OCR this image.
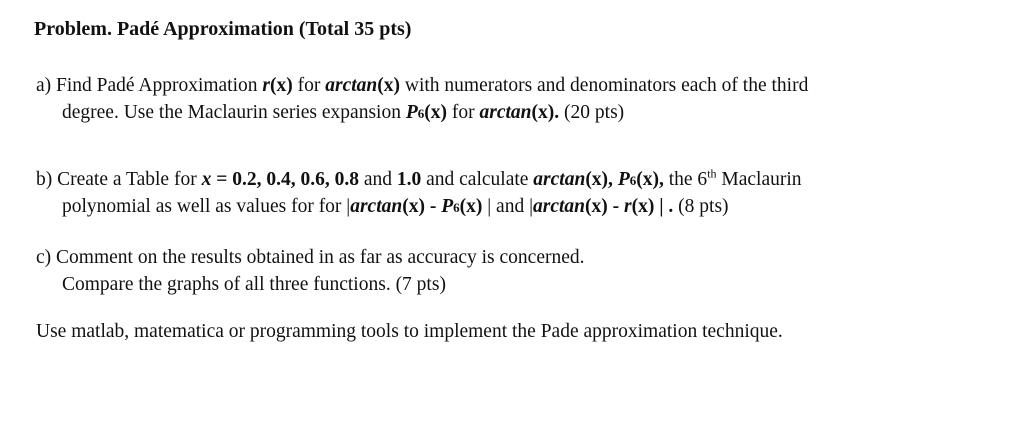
Problem. Padé Approximation (Total 35 pts)
a) Find Padé Approximation r(x) for arctan(x) with numerators and denominators each of the third
degree. Use the Maclaurin series expansion P6(x) for arctan(x). (20 pts)
b) Create a Table for x = 0.2, 0.4, 0.6, 0.8 and 1.0 and calculate arctan(x), P6(x), the 6th Maclaurin
polynomial as well as values for for |arctan(x) - P6(x) | and |arctan(x) - r(x) | . (8 pts)
c) Comment on the results obtained in as far as accuracy is concerned.
Compare the graphs of all three functions. (7 pts)
Use matlab, matematica or programming tools to implement the Pade approximation technique.
